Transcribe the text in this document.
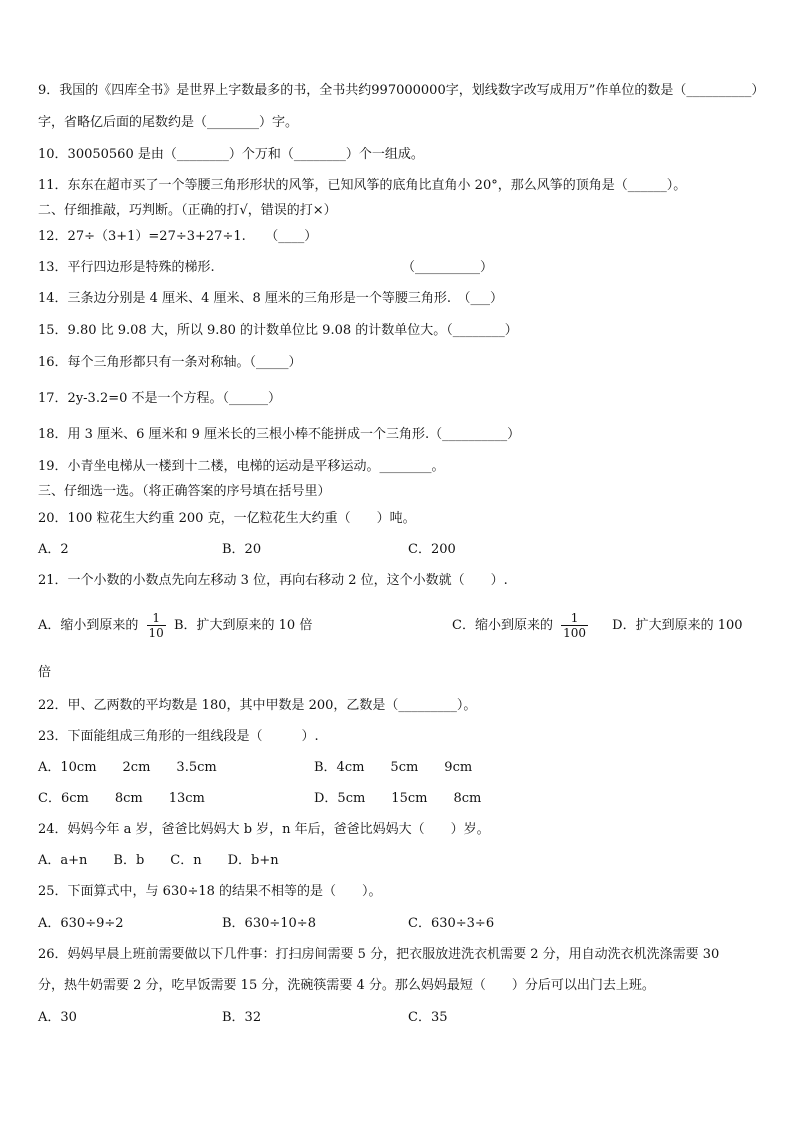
9．我国的《四库全书》是世界上字数最多的书，全书共约997000000字，划线数字改写成用万”作单位的数是（__________）
字，省略亿后面的尾数约是（________）字。
10．30050560 是由（________）个万和（________）个一组成。
11．东东在超市买了一个等腰三角形形状的风筝，已知风筝的底角比直角小 20°，那么风筝的顶角是（______）。
二、仔细推敲，巧判断。（正确的打√，错误的打×）
12．27÷（3+1）=27÷3+27÷1.　　（____）
13．平行四边形是特殊的梯形.	（__________）
14．三条边分别是 4 厘米、4 厘米、8 厘米的三角形是一个等腰三角形.　（___）
15．9.80 比 9.08 大，所以 9.80 的计数单位比 9.08 的计数单位大。（________）
16．每个三角形都只有一条对称轴。（_____）
17．2y-3.2=0 不是一个方程。（______）
18．用 3 厘米、6 厘米和 9 厘米长的三根小棒不能拼成一个三角形.（__________）
19．小青坐电梯从一楼到十二楼，电梯的运动是平移运动。________。
三、仔细选一选。（将正确答案的序号填在括号里）
20．100 粒花生大约重 200 克，一亿粒花生大约重（　　）吨。
A．2	B．20	C．200
21．一个小数的小数点先向左移动 3 位，再向右移动 2 位，这个小数就（　　）.
A．缩小到原来的 $\frac{1}{10}$ B．扩大到原来的 10 倍	C．缩小到原来的 $\frac{1}{100}$ D．扩大到原来的 100
倍
22．甲、乙两数的平均数是 180，其中甲数是 200，乙数是（_________）。
23．下面能组成三角形的一组线段是（　　　）.
A．10cm　　2cm　　3.5cm	B．4cm　　5cm　　9cm
C．6cm　　8cm　　13cm	D．5cm　　15cm　　8cm
24．妈妈今年 a 岁，爸爸比妈妈大 b 岁，n 年后，爸爸比妈妈大（　　）岁。
A．a+n　　B．b　　C．n　　D．b+n
25．下面算式中，与 630÷18 的结果不相等的是（　　）。
A．630÷9÷2	B．630÷10÷8	C．630÷3÷6
26．妈妈早晨上班前需要做以下几件事：打扫房间需要 5 分，把衣服放进洗衣机需要 2 分，用自动洗衣机洗涤需要 30
分，热牛奶需要 2 分，吃早饭需要 15 分，洗碗筷需要 4 分。那么妈妈最短（　　）分后可以出门去上班。
A．30	B．32	C．35
